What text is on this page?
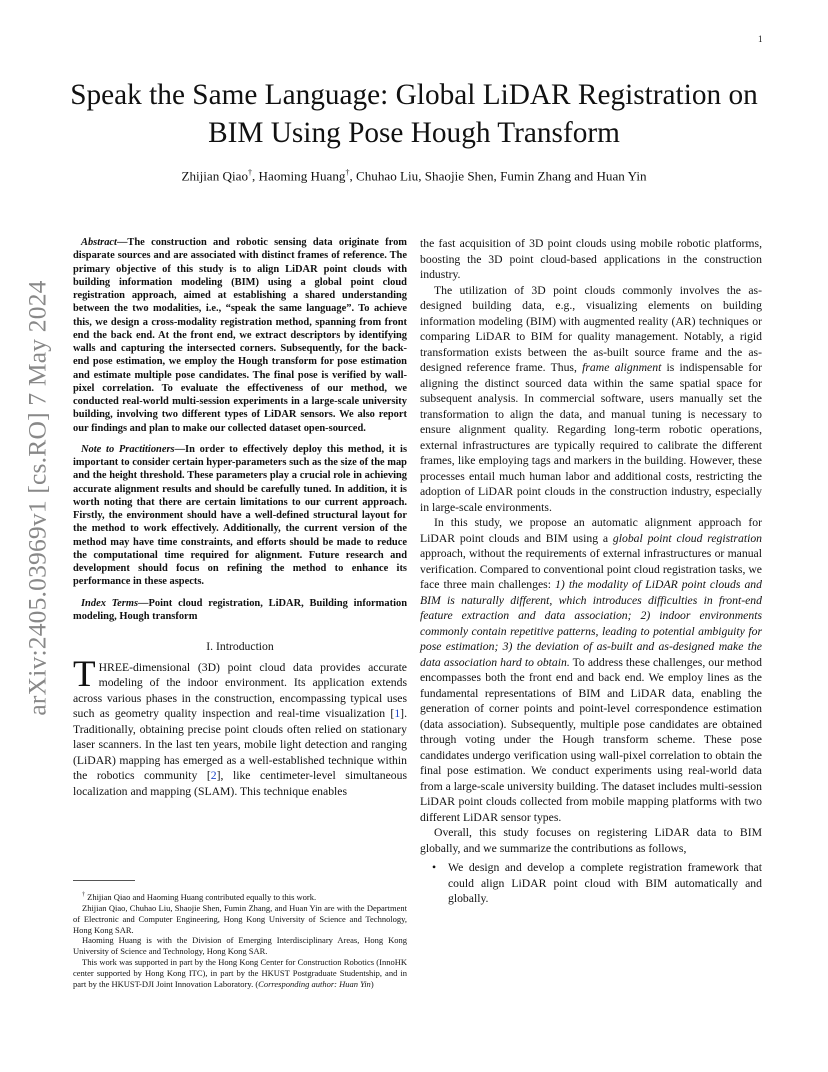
1
arXiv:2405.03969v1 [cs.RO] 7 May 2024
Speak the Same Language: Global LiDAR Registration on BIM Using Pose Hough Transform
Zhijian Qiao†, Haoming Huang†, Chuhao Liu, Shaojie Shen, Fumin Zhang and Huan Yin

Abstract—The construction and robotic sensing data originate from disparate sources and are associated with distinct frames of reference. The primary objective of this study is to align LiDAR point clouds with building information modeling (BIM) using a global point cloud registration approach, aimed at establishing a shared understanding between the two modalities, i.e., “speak the same language”. To achieve this, we design a cross-modality registration method, spanning from front end the back end. At the front end, we extract descriptors by identifying walls and capturing the intersected corners. Subsequently, for the back-end pose estimation, we employ the Hough transform for pose estimation and estimate multiple pose candidates. The final pose is verified by wall-pixel correlation. To evaluate the effectiveness of our method, we conducted real-world multi-session experiments in a large-scale university building, involving two different types of LiDAR sensors. We also report our findings and plan to make our collected dataset open-sourced.

Note to Practitioners—In order to effectively deploy this method, it is important to consider certain hyper-parameters such as the size of the map and the height threshold. These parameters play a crucial role in achieving accurate alignment results and should be carefully tuned. In addition, it is worth noting that there are certain limitations to our current approach. Firstly, the environment should have a well-defined structural layout for the method to work effectively. Additionally, the current version of the method may have time constraints, and efforts should be made to reduce the computational time required for alignment. Future research and development should focus on refining the method to enhance its performance in these aspects.

Index Terms—Point cloud registration, LiDAR, Building information modeling, Hough transform

I. Introduction

THREE-dimensional (3D) point cloud data provides accurate modeling of the indoor environment. Its application extends across various phases in the construction, encompassing typical uses such as geometry quality inspection and real-time visualization [1]. Traditionally, obtaining precise point clouds often relied on stationary laser scanners. In the last ten years, mobile light detection and ranging (LiDAR) mapping has emerged as a well-established technique within the robotics community [2], like centimeter-level simultaneous localization and mapping (SLAM). This technique enables

† Zhijian Qiao and Haoming Huang contributed equally to this work.

Zhijian Qiao, Chuhao Liu, Shaojie Shen, Fumin Zhang, and Huan Yin are with the Department of Electronic and Computer Engineering, Hong Kong University of Science and Technology, Hong Kong SAR.

Haoming Huang is with the Division of Emerging Interdisciplinary Areas, Hong Kong University of Science and Technology, Hong Kong SAR.

This work was supported in part by the Hong Kong Center for Construction Robotics (InnoHK center supported by Hong Kong ITC), in part by the HKUST Postgraduate Studentship, and in part by the HKUST-DJI Joint Innovation Laboratory. (Corresponding author: Huan Yin)

the fast acquisition of 3D point clouds using mobile robotic platforms, boosting the 3D point cloud-based applications in the construction industry.

The utilization of 3D point clouds commonly involves the as-designed building data, e.g., visualizing elements on building information modeling (BIM) with augmented reality (AR) techniques or comparing LiDAR to BIM for quality management. Notably, a rigid transformation exists between the as-built source frame and the as-designed reference frame. Thus, frame alignment is indispensable for aligning the distinct sourced data within the same spatial space for subsequent analysis. In commercial software, users manually set the transformation to align the data, and manual tuning is necessary to ensure alignment quality. Regarding long-term robotic operations, external infrastructures are typically required to calibrate the different frames, like employing tags and markers in the building. However, these processes entail much human labor and additional costs, restricting the adoption of LiDAR point clouds in the construction industry, especially in large-scale environments.

In this study, we propose an automatic alignment approach for LiDAR point clouds and BIM using a global point cloud registration approach, without the requirements of external infrastructures or manual verification. Compared to conventional point cloud registration tasks, we face three main challenges: 1) the modality of LiDAR point clouds and BIM is naturally different, which introduces difficulties in front-end feature extraction and data association; 2) indoor environments commonly contain repetitive patterns, leading to potential ambiguity for pose estimation; 3) the deviation of as-built and as-designed make the data association hard to obtain. To address these challenges, our method encompasses both the front end and back end. We employ lines as the fundamental representations of BIM and LiDAR data, enabling the generation of corner points and point-level correspondence estimation (data association). Subsequently, multiple pose candidates are obtained through voting under the Hough transform scheme. These pose candidates undergo verification using wall-pixel correlation to obtain the final pose estimation. We conduct experiments using real-world data from a large-scale university building. The dataset includes multi-session LiDAR point clouds collected from mobile mapping platforms with two different LiDAR sensor types.

Overall, this study focuses on registering LiDAR data to BIM globally, and we summarize the contributions as follows,

• We design and develop a complete registration framework that could align LiDAR point cloud with BIM automatically and globally.
